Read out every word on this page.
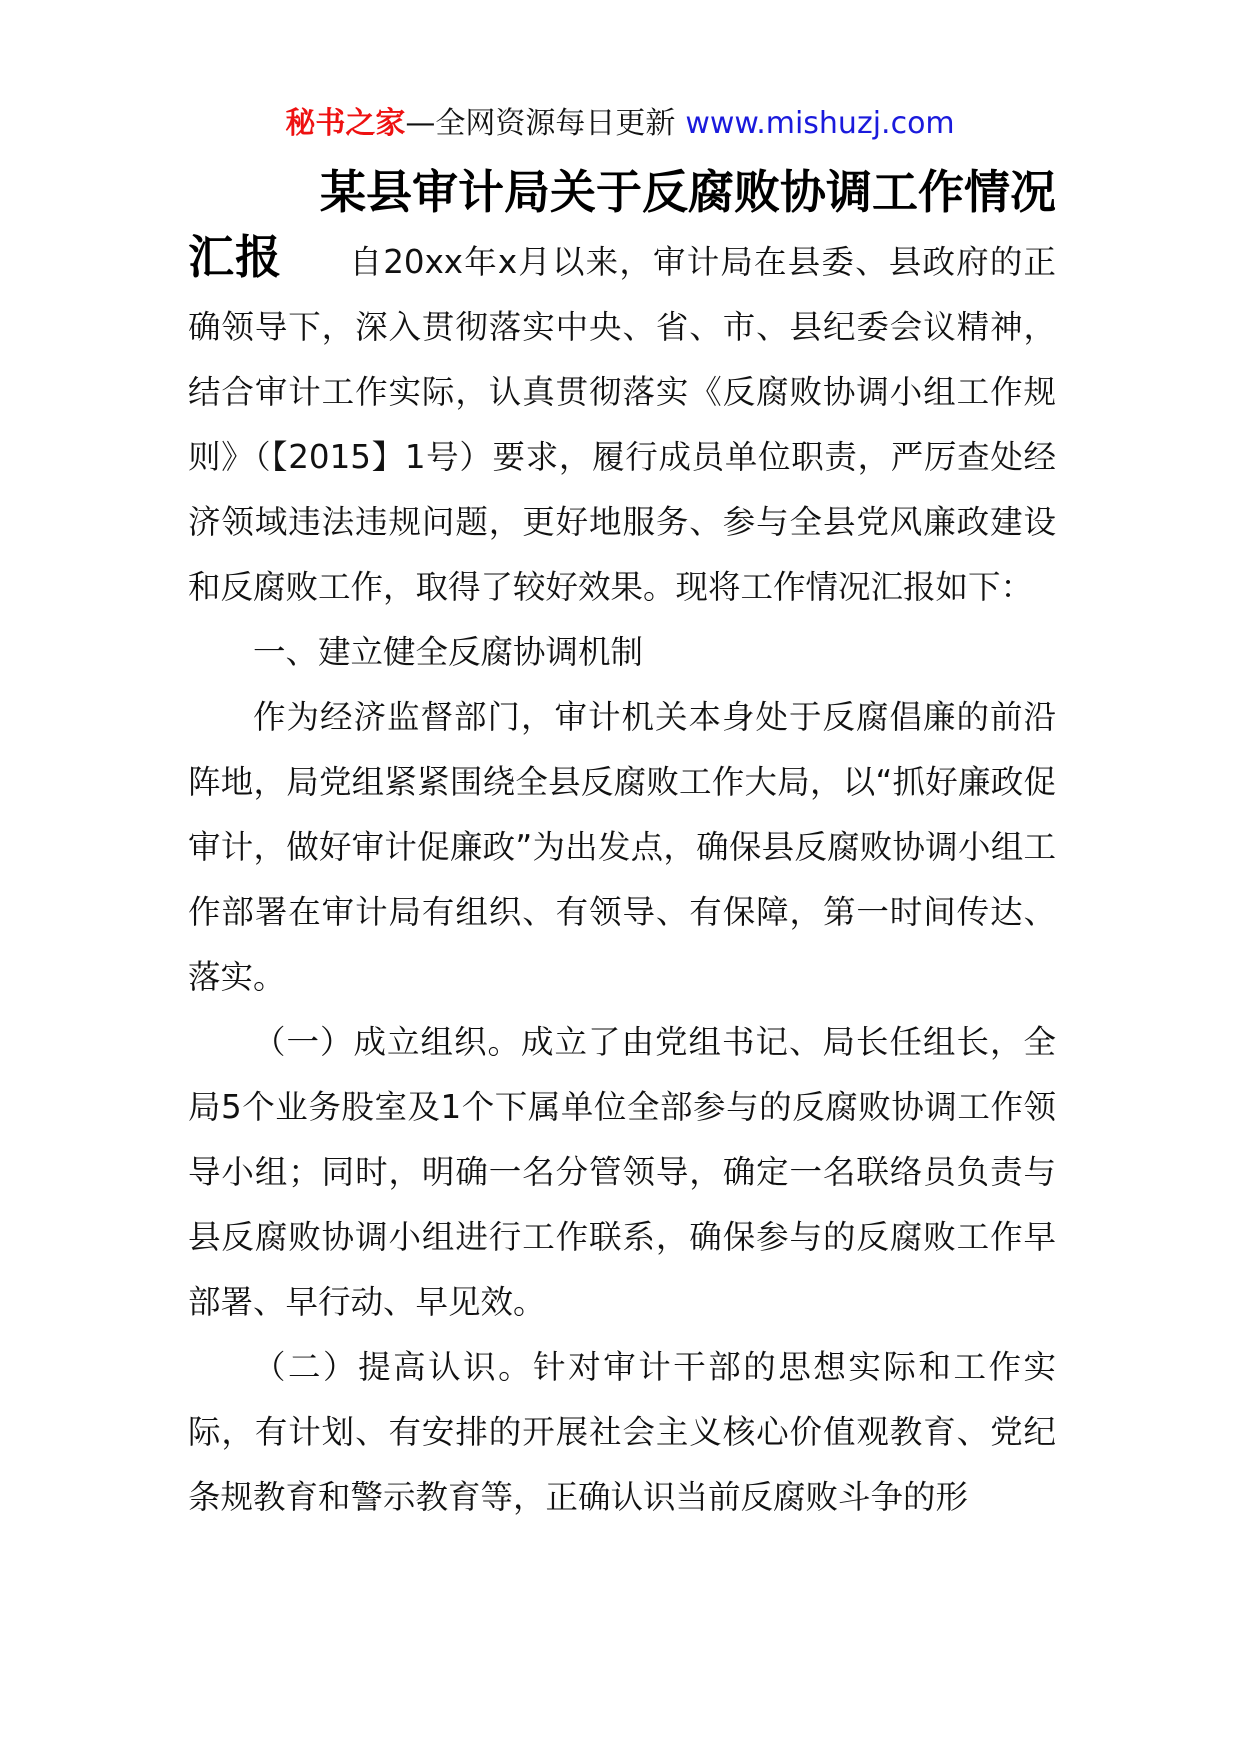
秘书之家—全网资源每日更新 www.mishuzj.com

某县审计局关于反腐败协调工作情况
汇报 自20xx年x月以来，审计局在县委、县政府的正确领导下，深入贯彻落实中央、省、市、县纪委会议精神，结合审计工作实际，认真贯彻落实《反腐败协调小组工作规则》（【2015】1号）要求，履行成员单位职责，严厉查处经济领域违法违规问题，更好地服务、参与全县党风廉政建设和反腐败工作，取得了较好效果。现将工作情况汇报如下：

一、建立健全反腐协调机制

作为经济监督部门，审计机关本身处于反腐倡廉的前沿阵地，局党组紧紧围绕全县反腐败工作大局，以“抓好廉政促审计，做好审计促廉政”为出发点，确保县反腐败协调小组工作部署在审计局有组织、有领导、有保障，第一时间传达、落实。

（一）成立组织。成立了由党组书记、局长任组长，全局5个业务股室及1个下属单位全部参与的反腐败协调工作领导小组；同时，明确一名分管领导，确定一名联络员负责与县反腐败协调小组进行工作联系，确保参与的反腐败工作早部署、早行动、早见效。

（二）提高认识。针对审计干部的思想实际和工作实际，有计划、有安排的开展社会主义核心价值观教育、党纪条规教育和警示教育等，正确认识当前反腐败斗争的形
